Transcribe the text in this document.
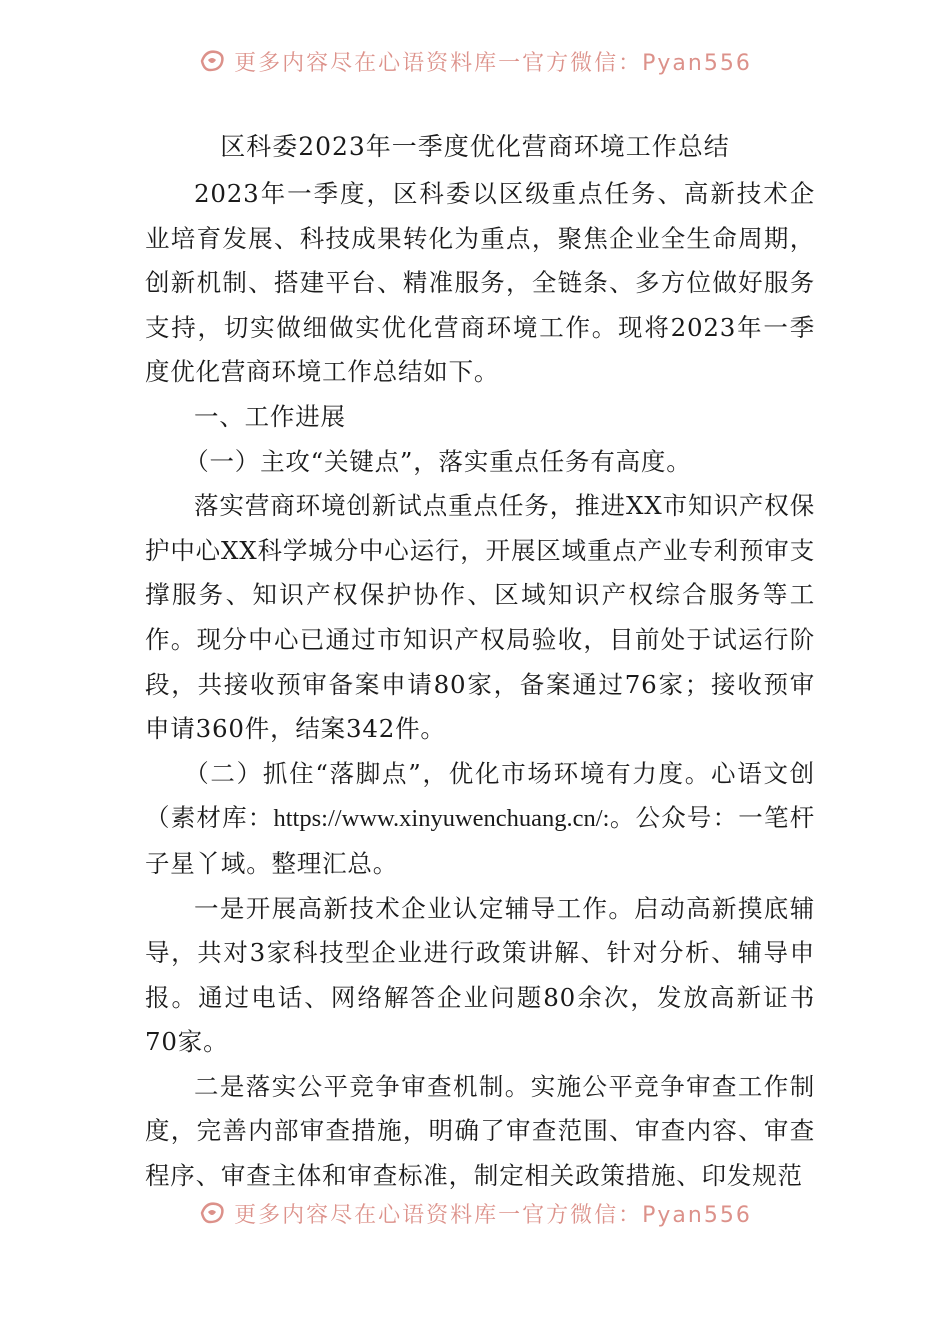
更多内容尽在心语资料库一官方微信：Pyan556
区科委2023年一季度优化营商环境工作总结

2023年一季度，区科委以区级重点任务、高新技术企业培育发展、科技成果转化为重点，聚焦企业全生命周期，创新机制、搭建平台、精准服务，全链条、多方位做好服务支持，切实做细做实优化营商环境工作。现将2023年一季度优化营商环境工作总结如下。

一、工作进展

（一）主攻“关键点”，落实重点任务有高度。

落实营商环境创新试点重点任务，推进XX市知识产权保护中心XX科学城分中心运行，开展区域重点产业专利预审支撑服务、知识产权保护协作、区域知识产权综合服务等工作。现分中心已通过市知识产权局验收，目前处于试运行阶段，共接收预审备案申请80家，备案通过76家；接收预审申请360件，结案342件。

（二）抓住“落脚点”，优化市场环境有力度。心语文创（素材库：https://www.xinyuwenchuang.cn/:。公众号：一笔杆子星丫域。整理汇总。

一是开展高新技术企业认定辅导工作。启动高新摸底辅导，共对3家科技型企业进行政策讲解、针对分析、辅导申报。通过电话、网络解答企业问题80余次，发放高新证书70家。

二是落实公平竞争审查机制。实施公平竞争审查工作制度，完善内部审查措施，明确了审查范围、审查内容、审查程序、审查主体和审查标准，制定相关政策措施、印发规范

更多内容尽在心语资料库一官方微信：Pyan556
